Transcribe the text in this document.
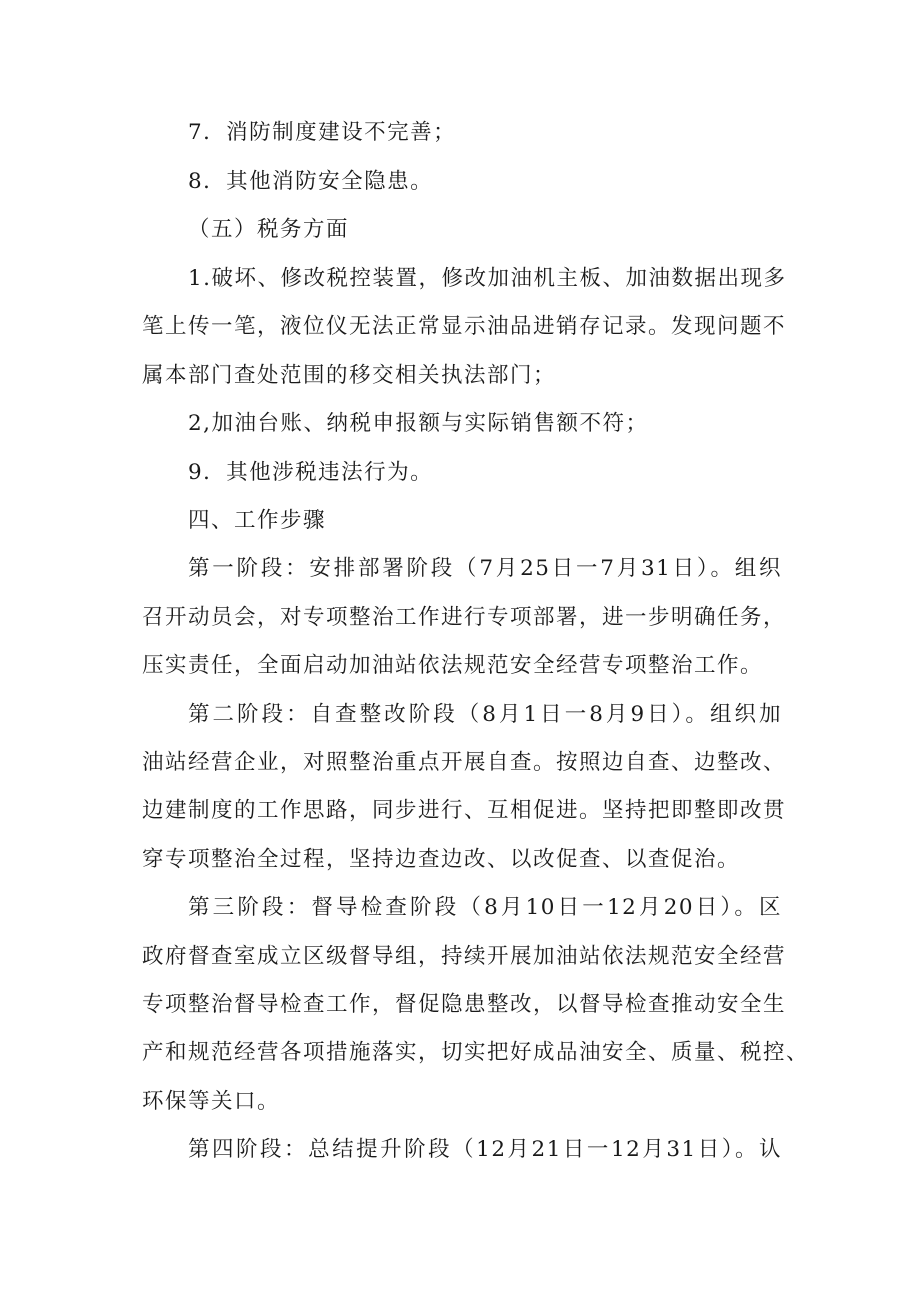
7．消防制度建设不完善；
8．其他消防安全隐患。
（五）税务方面
1.破坏、修改税控装置，修改加油机主板、加油数据出现多
笔上传一笔，液位仪无法正常显示油品进销存记录。发现问题不
属本部门查处范围的移交相关执法部门；
2,加油台账、纳税申报额与实际销售额不符；
9．其他涉税违法行为。
四、工作步骤
第一阶段：安排部署阶段（7月25日一7月31日）。组织
召开动员会，对专项整治工作进行专项部署，进一步明确任务，
压实责任，全面启动加油站依法规范安全经营专项整治工作。
第二阶段：自查整改阶段（8月1日一8月9日）。组织加
油站经营企业，对照整治重点开展自查。按照边自查、边整改、
边建制度的工作思路，同步进行、互相促进。坚持把即整即改贯
穿专项整治全过程，坚持边查边改、以改促查、以查促治。
第三阶段：督导检查阶段（8月10日一12月20日）。区
政府督查室成立区级督导组，持续开展加油站依法规范安全经营
专项整治督导检查工作，督促隐患整改，以督导检查推动安全生
产和规范经营各项措施落实，切实把好成品油安全、质量、税控、
环保等关口。
第四阶段：总结提升阶段（12月21日一12月31日）。认
